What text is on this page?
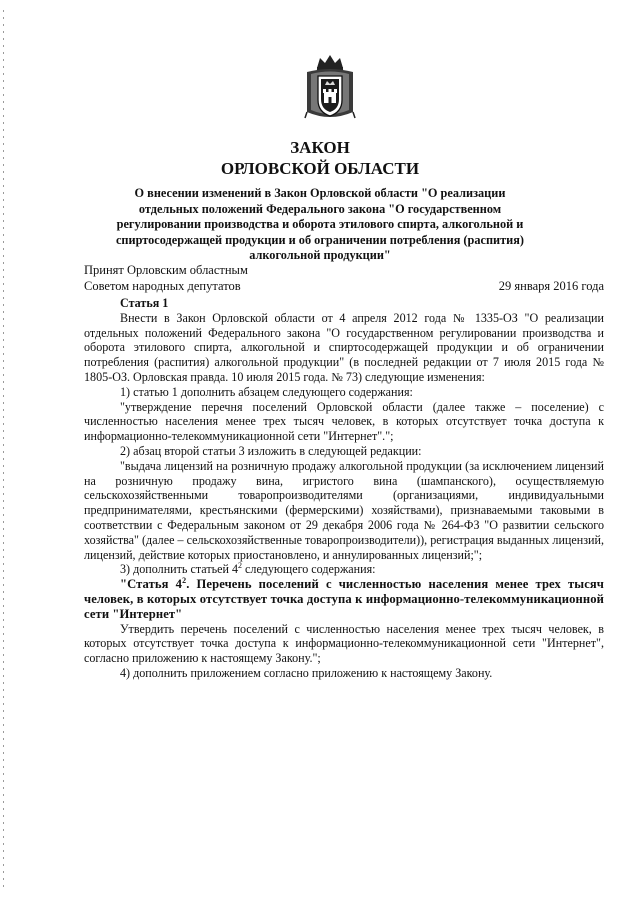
ЗАКОН
ОРЛОВСКОЙ ОБЛАСТИ
О внесении изменений в Закон Орловской области "О реализации отдельных положений Федерального закона "О государственном регулировании производства и оборота этилового спирта, алкогольной и спиртосодержащей продукции и об ограничении потребления (распития) алкогольной продукции"
Принят Орловским областным
Советом народных депутатов	29 января 2016 года

Статья 1

Внести в Закон Орловской области от 4 апреля 2012 года № 1335-ОЗ "О реализации отдельных положений Федерального закона "О государственном регулировании производства и оборота этилового спирта, алкогольной и спиртосодержащей продукции и об ограничении потребления (распития) алкогольной продукции" (в последней редакции от 7 июля 2015 года № 1805-ОЗ. Орловская правда. 10 июля 2015 года. № 73) следующие изменения:

1) статью 1 дополнить абзацем следующего содержания:

"утверждение перечня поселений Орловской области (далее также – поселение) с численностью населения менее трех тысяч человек, в которых отсутствует точка доступа к информационно-телекоммуникационной сети "Интернет".";

2) абзац второй статьи 3 изложить в следующей редакции:

"выдача лицензий на розничную продажу алкогольной продукции (за исключением лицензий на розничную продажу вина, игристого вина (шампанского), осуществляемую сельскохозяйственными товаропроизводителями (организациями, индивидуальными предпринимателями, крестьянскими (фермерскими) хозяйствами), признаваемыми таковыми в соответствии с Федеральным законом от 29 декабря 2006 года № 264-ФЗ "О развитии сельского хозяйства" (далее – сельскохозяйственные товаропроизводители)), регистрация выданных лицензий, лицензий, действие которых приостановлено, и аннулированных лицензий;";

3) дополнить статьей $4^2$ следующего содержания:

"Статья $4^2$. Перечень поселений с численностью населения менее трех тысяч человек, в которых отсутствует точка доступа к информационно-телекоммуникационной сети "Интернет"

Утвердить перечень поселений с численностью населения менее трех тысяч человек, в которых отсутствует точка доступа к информационно-телекоммуникационной сети "Интернет", согласно приложению к настоящему Закону.";

4) дополнить приложением согласно приложению к настоящему Закону.
